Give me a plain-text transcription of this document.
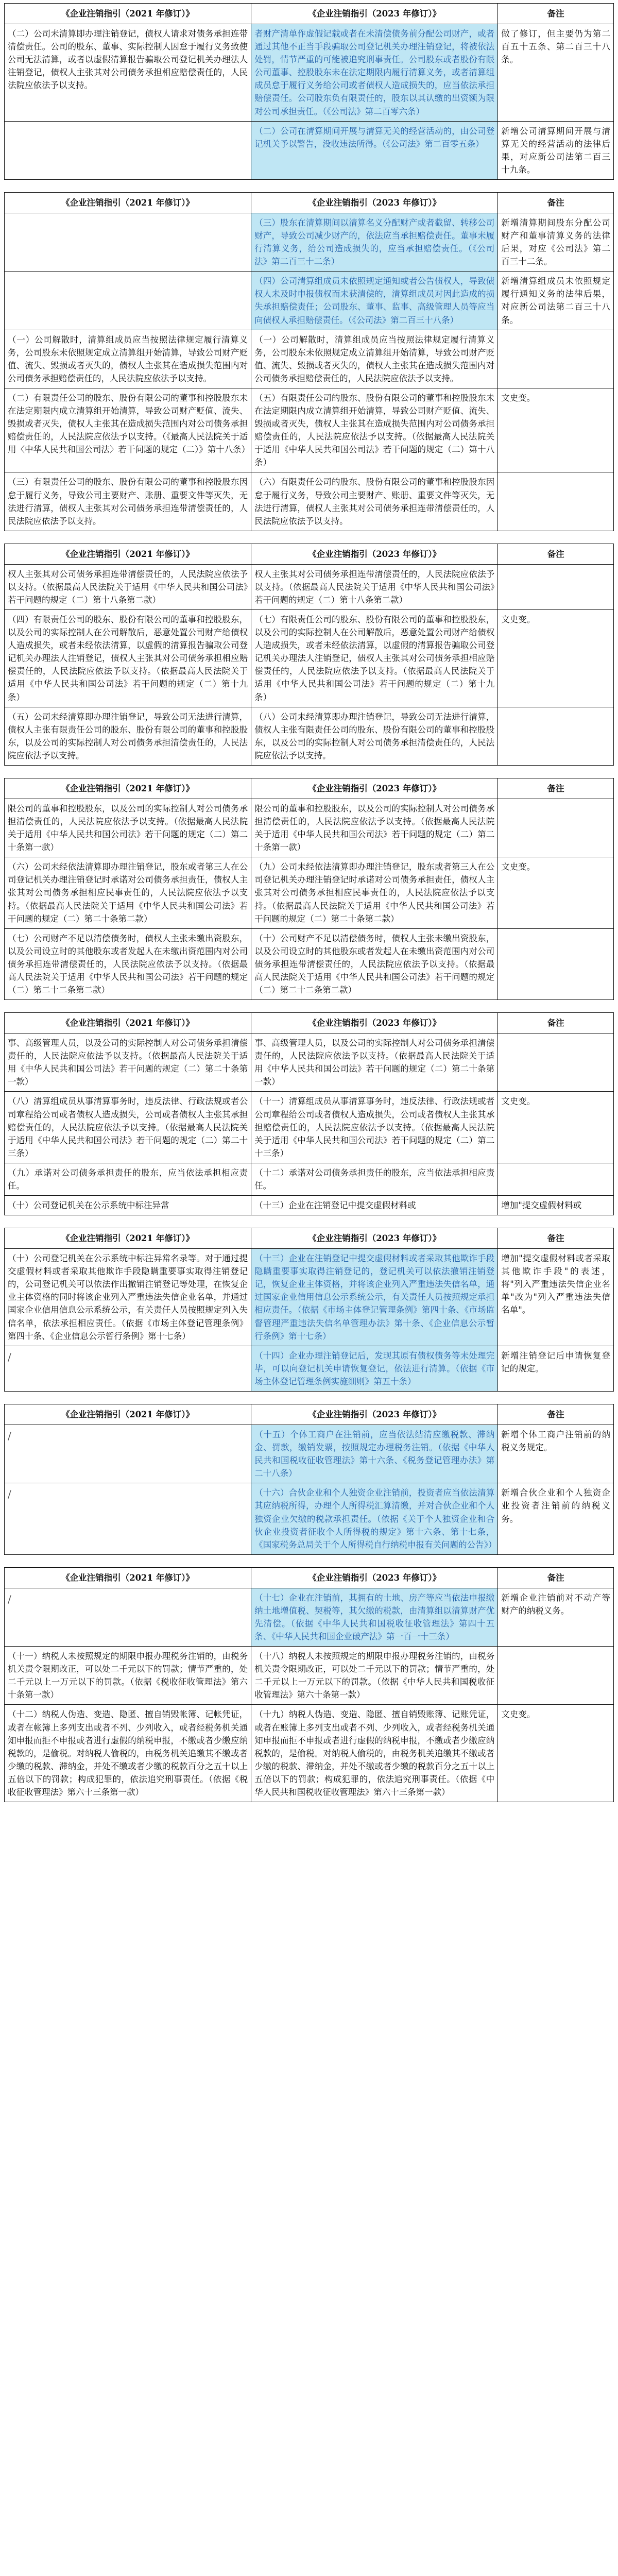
《企业注销指引（2021 年修订）》	《企业注销指引（2023 年修订）》	备注
（二）公司未清算即办理注销登记，债权人请求对债务承担连带清偿责任。公司的股东、董事、实际控制人因怠于履行义务致使公司无法清算，或者以虚假清算报告骗取公司登记机关办理法人注销登记，债权人主张其对公司债务承担相应赔偿责任的，人民法院应依法予以支持。	者财产清单作虚假记载或者在未清偿债务前分配公司财产，或者通过其他不正当手段骗取公司登记机关办理注销登记，将被依法处罚，情节严重的可能被追究刑事责任。公司股东或者股份有限公司董事、控股股东未在法定期限内履行清算义务，或者清算组成员怠于履行义务给公司或者债权人造成损失的，应当依法承担赔偿责任。公司股东负有限责任的，股东以其认缴的出资额为限对公司承担责任。（《公司法》第二百零六条）	做了修订，但主要仍为第二百五十五条、第二百三十八条。
	（二）公司在清算期间开展与清算无关的经营活动的，由公司登记机关予以警告，没收违法所得。（《公司法》第二百零五条）	新增公司清算期间开展与清算无关的经营活动的法律后果，对应新公司法第二百三十九条。
《企业注销指引（2021 年修订）》	《企业注销指引（2023 年修订）》	备注
	（三）股东在清算期间以清算名义分配财产或者截留、转移公司财产，导致公司减少财产的，依法应当承担赔偿责任。董事未履行清算义务，给公司造成损失的，应当承担赔偿责任。（《公司法》第二百三十二条）	新增清算期间股东分配公司财产和董事清算义务的法律后果，对应《公司法》第二百三十二条。
	（四）公司清算组成员未依照规定通知或者公告债权人，导致债权人未及时申报债权而未获清偿的，清算组成员对因此造成的损失承担赔偿责任；公司股东、董事、监事、高级管理人员等应当向债权人承担赔偿责任。（《公司法》第二百三十八条）	新增清算组成员未依照规定履行通知义务的法律后果，对应新公司法第二百三十八条。
（一）公司解散时，清算组成员应当按照法律规定履行清算义务，公司股东未依照规定成立清算组开始清算，导致公司财产贬值、流失、毁损或者灭失的，债权人主张其在造成损失范围内对公司债务承担赔偿责任的，人民法院应依法予以支持。	（一）公司解散时，清算组成员应当按照法律规定履行清算义务，公司股东未依照规定成立清算组开始清算，导致公司财产贬值、流失、毁损或者灭失的，债权人主张其在造成损失范围内对公司债务承担赔偿责任的，人民法院应依法予以支持。	
（二）有限责任公司的股东、股份有限公司的董事和控股股东未在法定期限内成立清算组开始清算，导致公司财产贬值、流失、毁损或者灭失，债权人主张其在造成损失范围内对公司债务承担赔偿责任的，人民法院应依法予以支持。（《最高人民法院关于适用〈中华人民共和国公司法〉若干问题的规定（二）》第十八条）	（五）有限责任公司的股东、股份有限公司的董事和控股股东未在法定期限内成立清算组开始清算，导致公司财产贬值、流失、毁损或者灭失，债权人主张其在造成损失范围内对公司债务承担赔偿责任的，人民法院应依法予以支持。（依据最高人民法院关于适用《中华人民共和国公司法》若干问题的规定（二）第十八条）	文史变。
（三）有限责任公司的股东、股份有限公司的董事和控股股东因怠于履行义务，导致公司主要财产、账册、重要文件等灭失，无法进行清算，债权人主张其对公司债务承担连带清偿责任的，人民法院应依法予以支持。	（六）有限责任公司的股东、股份有限公司的董事和控股股东因怠于履行义务，导致公司主要财产、账册、重要文件等灭失，无法进行清算，债权人主张其对公司债务承担连带清偿责任的，人民法院应依法予以支持。	
《企业注销指引（2021 年修订）》	《企业注销指引（2023 年修订）》	备注
权人主张其对公司债务承担连带清偿责任的，人民法院应依法予以支持。（依据最高人民法院关于适用《中华人民共和国公司法》若干问题的规定（二）第十八条第二款）	权人主张其对公司债务承担连带清偿责任的，人民法院应依法予以支持。（依据最高人民法院关于适用《中华人民共和国公司法》若干问题的规定（二）第十八条第二款）	
（四）有限责任公司的股东、股份有限公司的董事和控股股东，以及公司的实际控制人在公司解散后，恶意处置公司财产给债权人造成损失，或者未经依法清算，以虚假的清算报告骗取公司登记机关办理法人注销登记，债权人主张其对公司债务承担相应赔偿责任的，人民法院应依法予以支持。（依据最高人民法院关于适用《中华人民共和国公司法》若干问题的规定（二）第十九条）	（七）有限责任公司的股东、股份有限公司的董事和控股股东，以及公司的实际控制人在公司解散后，恶意处置公司财产给债权人造成损失，或者未经依法清算，以虚假的清算报告骗取公司登记机关办理法人注销登记，债权人主张其对公司债务承担相应赔偿责任的，人民法院应依法予以支持。（依据最高人民法院关于适用《中华人民共和国公司法》若干问题的规定（二）第十九条）	文史变。
（五）公司未经清算即办理注销登记，导致公司无法进行清算，债权人主张有限责任公司的股东、股份有限公司的董事和控股股东，以及公司的实际控制人对公司债务承担清偿责任的，人民法院应依法予以支持。	（八）公司未经清算即办理注销登记，导致公司无法进行清算，债权人主张有限责任公司的股东、股份有限公司的董事和控股股东，以及公司的实际控制人对公司债务承担清偿责任的，人民法院应依法予以支持。	
《企业注销指引（2021 年修订）》	《企业注销指引（2023 年修订）》	备注
限公司的董事和控股股东，以及公司的实际控制人对公司债务承担清偿责任的，人民法院应依法予以支持。（依据最高人民法院关于适用《中华人民共和国公司法》若干问题的规定（二）第二十条第一款）	限公司的董事和控股股东，以及公司的实际控制人对公司债务承担清偿责任的，人民法院应依法予以支持。（依据最高人民法院关于适用《中华人民共和国公司法》若干问题的规定（二）第二十条第一款）	
（六）公司未经依法清算即办理注销登记，股东或者第三人在公司登记机关办理注销登记时承诺对公司债务承担责任，债权人主张其对公司债务承担相应民事责任的，人民法院应依法予以支持。（依据最高人民法院关于适用《中华人民共和国公司法》若干问题的规定（二）第二十条第二款）	（九）公司未经依法清算即办理注销登记，股东或者第三人在公司登记机关办理注销登记时承诺对公司债务承担责任，债权人主张其对公司债务承担相应民事责任的，人民法院应依法予以支持。（依据最高人民法院关于适用《中华人民共和国公司法》若干问题的规定（二）第二十条第二款）	文史变。
（七）公司财产不足以清偿债务时，债权人主张未缴出资股东，以及公司设立时的其他股东或者发起人在未缴出资范围内对公司债务承担连带清偿责任的，人民法院应依法予以支持。（依据最高人民法院关于适用《中华人民共和国公司法》若干问题的规定（二）第二十二条第二款）	（十）公司财产不足以清偿债务时，债权人主张未缴出资股东，以及公司设立时的其他股东或者发起人在未缴出资范围内对公司债务承担连带清偿责任的，人民法院应依法予以支持。（依据最高人民法院关于适用《中华人民共和国公司法》若干问题的规定（二）第二十二条第二款）	
《企业注销指引（2021 年修订）》	《企业注销指引（2023 年修订）》	备注
事、高级管理人员，以及公司的实际控制人对公司债务承担清偿责任的，人民法院应依法予以支持。（依据最高人民法院关于适用《中华人民共和国公司法》若干问题的规定（二）第二十条第一款）	事、高级管理人员，以及公司的实际控制人对公司债务承担清偿责任的，人民法院应依法予以支持。（依据最高人民法院关于适用《中华人民共和国公司法》若干问题的规定（二）第二十条第一款）	
（八）清算组成员从事清算事务时，违反法律、行政法规或者公司章程给公司或者债权人造成损失，公司或者债权人主张其承担赔偿责任的，人民法院应依法予以支持。（依据最高人民法院关于适用《中华人民共和国公司法》若干问题的规定（二）第二十三条）	（十一）清算组成员从事清算事务时，违反法律、行政法规或者公司章程给公司或者债权人造成损失，公司或者债权人主张其承担赔偿责任的，人民法院应依法予以支持。（依据最高人民法院关于适用《中华人民共和国公司法》若干问题的规定（二）第二十三条）	文史变。
（九）承诺对公司债务承担责任的股东，应当依法承担相应责任。	（十二）承诺对公司债务承担责任的股东，应当依法承担相应责任。	
（十）公司登记机关在公示系统中标注异常	（十三）企业在注销登记中提交虚假材料或	增加"提交虚假材料或
《企业注销指引（2021 年修订）》	《企业注销指引（2023 年修订）》	备注
（十）公司登记机关在公示系统中标注异常名录等。对于通过提交虚假材料或者采取其他欺诈手段隐瞒重要事实取得注销登记的，公司登记机关可以依法作出撤销注销登记等处理，在恢复企业主体资格的同时将该企业列入严重违法失信企业名单，并通过国家企业信用信息公示系统公示，有关责任人员按照规定列入失信名单，依法承担相应责任。（依据《市场主体登记管理条例》第四十条、《企业信息公示暂行条例》第十七条）	（十三）企业在注销登记中提交虚假材料或者采取其他欺诈手段隐瞒重要事实取得注销登记的，登记机关可以依法撤销注销登记，恢复企业主体资格，并将该企业列入严重违法失信名单，通过国家企业信用信息公示系统公示，有关责任人员按照规定承担相应责任。（依据《市场主体登记管理条例》第四十条、《市场监督管理严重违法失信名单管理办法》第十条、《企业信息公示暂行条例》第十七条）	增加"提交虚假材料或者采取其他欺诈手段"的表述，将"列入严重违法失信企业名单"改为"列入严重违法失信名单"。
/	（十四）企业办理注销登记后，发现其原有债权债务等未处理完毕，可以向登记机关申请恢复登记，依法进行清算。（依据《市场主体登记管理条例实施细则》第五十条）	新增注销登记后申请恢复登记的规定。
《企业注销指引（2021 年修订）》	《企业注销指引（2023 年修订）》	备注
/	（十五）个体工商户在注销前，应当依法结清应缴税款、滞纳金、罚款，缴销发票，按照规定办理税务注销。（依据《中华人民共和国税收征收管理法》第十六条、《税务登记管理办法》第二十八条）	新增个体工商户注销前的纳税义务规定。
/	（十六）合伙企业和个人独资企业注销前，投资者应当依法清算其应纳税所得，办理个人所得税汇算清缴，并对合伙企业和个人独资企业欠缴的税款承担责任。（依据《关于个人独资企业和合伙企业投资者征收个人所得税的规定》第十六条、第十七条，《国家税务总局关于个人所得税自行纳税申报有关问题的公告》）	新增合伙企业和个人独资企业投资者注销前的纳税义务。
《企业注销指引（2021 年修订）》	《企业注销指引（2023 年修订）》	备注
/	（十七）企业在注销前，其拥有的土地、房产等应当依法申报缴纳土地增值税、契税等，其欠缴的税款，由清算组以清算财产优先清偿。（依据《中华人民共和国税收征收管理法》第四十五条、《中华人民共和国企业破产法》第一百一十三条）	新增企业注销前对不动产等财产的纳税义务。
（十一）纳税人未按照规定的期限申报办理税务注销的，由税务机关责令限期改正，可以处二千元以下的罚款；情节严重的，处二千元以上一万元以下的罚款。（依据《税收征收管理法》第六十条第一款）	（十八）纳税人未按照规定的期限申报办理税务注销的，由税务机关责令限期改正，可以处二千元以下的罚款；情节严重的，处二千元以上一万元以下的罚款。（依据《中华人民共和国税收征收管理法》第六十条第一款）	
（十二）纳税人伪造、变造、隐匿、擅自销毁帐簿、记帐凭证，或者在帐簿上多列支出或者不列、少列收入，或者经税务机关通知申报而拒不申报或者进行虚假的纳税申报，不缴或者少缴应纳税款的，是偷税。对纳税人偷税的，由税务机关追缴其不缴或者少缴的税款、滞纳金，并处不缴或者少缴的税款百分之五十以上五倍以下的罚款；构成犯罪的，依法追究刑事责任。（依据《税收征收管理法》第六十三条第一款）	（十九）纳税人伪造、变造、隐匿、擅自销毁账簿、记账凭证，或者在账簿上多列支出或者不列、少列收入，或者经税务机关通知申报而拒不申报或者进行虚假的纳税申报，不缴或者少缴应纳税款的，是偷税。对纳税人偷税的，由税务机关追缴其不缴或者少缴的税款、滞纳金，并处不缴或者少缴的税款百分之五十以上五倍以下的罚款；构成犯罪的，依法追究刑事责任。（依据《中华人民共和国税收征收管理法》第六十三条第一款）	文史变。
